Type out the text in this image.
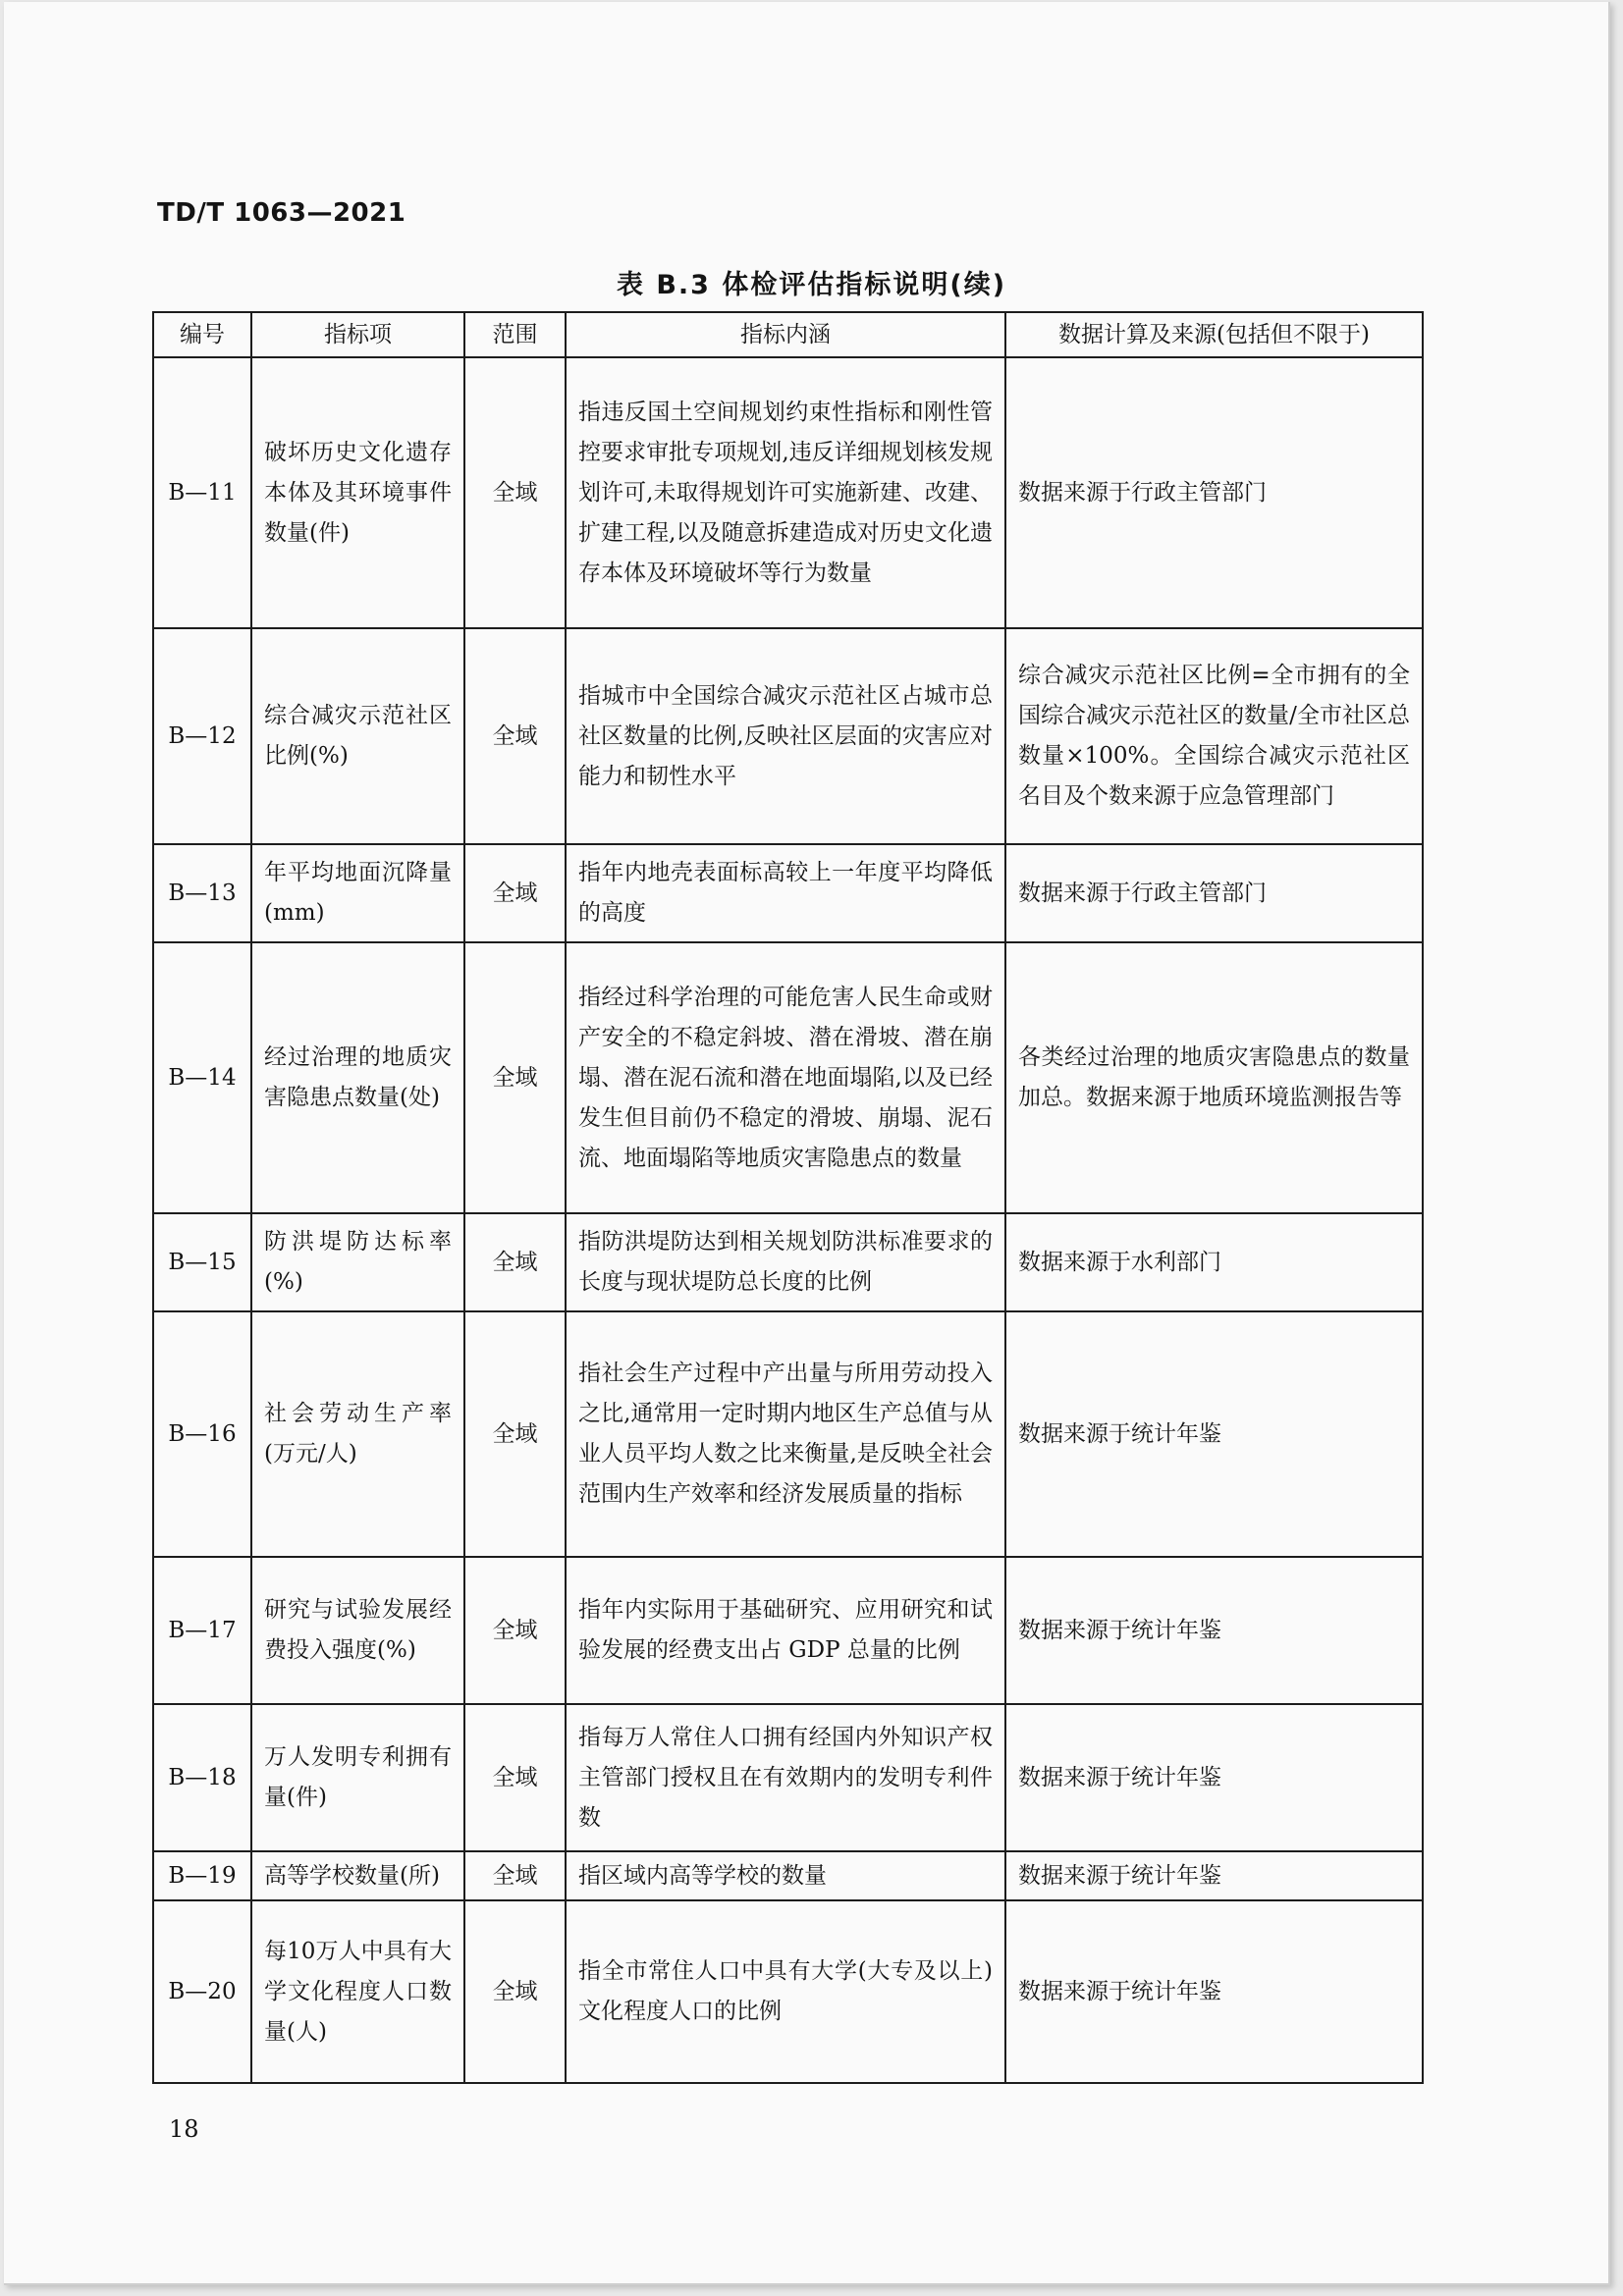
TD/T 1063—2021
表 B.3 体检评估指标说明(续)
编号	指标项	范围	指标内涵	数据计算及来源(包括但不限于)
B—11	破坏历史文化遗存本体及其环境事件数量(件)	全域	指违反国土空间规划约束性指标和刚性管控要求审批专项规划,违反详细规划核发规划许可,未取得规划许可实施新建、改建、扩建工程,以及随意拆建造成对历史文化遗存本体及环境破坏等行为数量	数据来源于行政主管部门
B—12	综合减灾示范社区比例(%)	全域	指城市中全国综合减灾示范社区占城市总社区数量的比例,反映社区层面的灾害应对能力和韧性水平	综合减灾示范社区比例=全市拥有的全国综合减灾示范社区的数量/全市社区总数量×100%。全国综合减灾示范社区名目及个数来源于应急管理部门
B—13	年平均地面沉降量(mm)	全域	指年内地壳表面标高较上一年度平均降低的高度	数据来源于行政主管部门
B—14	经过治理的地质灾害隐患点数量(处)	全域	指经过科学治理的可能危害人民生命或财产安全的不稳定斜坡、潜在滑坡、潜在崩塌、潜在泥石流和潜在地面塌陷,以及已经发生但目前仍不稳定的滑坡、崩塌、泥石流、地面塌陷等地质灾害隐患点的数量	各类经过治理的地质灾害隐患点的数量加总。数据来源于地质环境监测报告等
B—15	防洪堤防达标率(%)	全域	指防洪堤防达到相关规划防洪标准要求的长度与现状堤防总长度的比例	数据来源于水利部门
B—16	社会劳动生产率(万元/人)	全域	指社会生产过程中产出量与所用劳动投入之比,通常用一定时期内地区生产总值与从业人员平均人数之比来衡量,是反映全社会范围内生产效率和经济发展质量的指标	数据来源于统计年鉴
B—17	研究与试验发展经费投入强度(%)	全域	指年内实际用于基础研究、应用研究和试验发展的经费支出占 GDP 总量的比例	数据来源于统计年鉴
B—18	万人发明专利拥有量(件)	全域	指每万人常住人口拥有经国内外知识产权主管部门授权且在有效期内的发明专利件数	数据来源于统计年鉴
B—19	高等学校数量(所)	全域	指区域内高等学校的数量	数据来源于统计年鉴
B—20	每10万人中具有大学文化程度人口数量(人)	全域	指全市常住人口中具有大学(大专及以上)文化程度人口的比例	数据来源于统计年鉴
18
